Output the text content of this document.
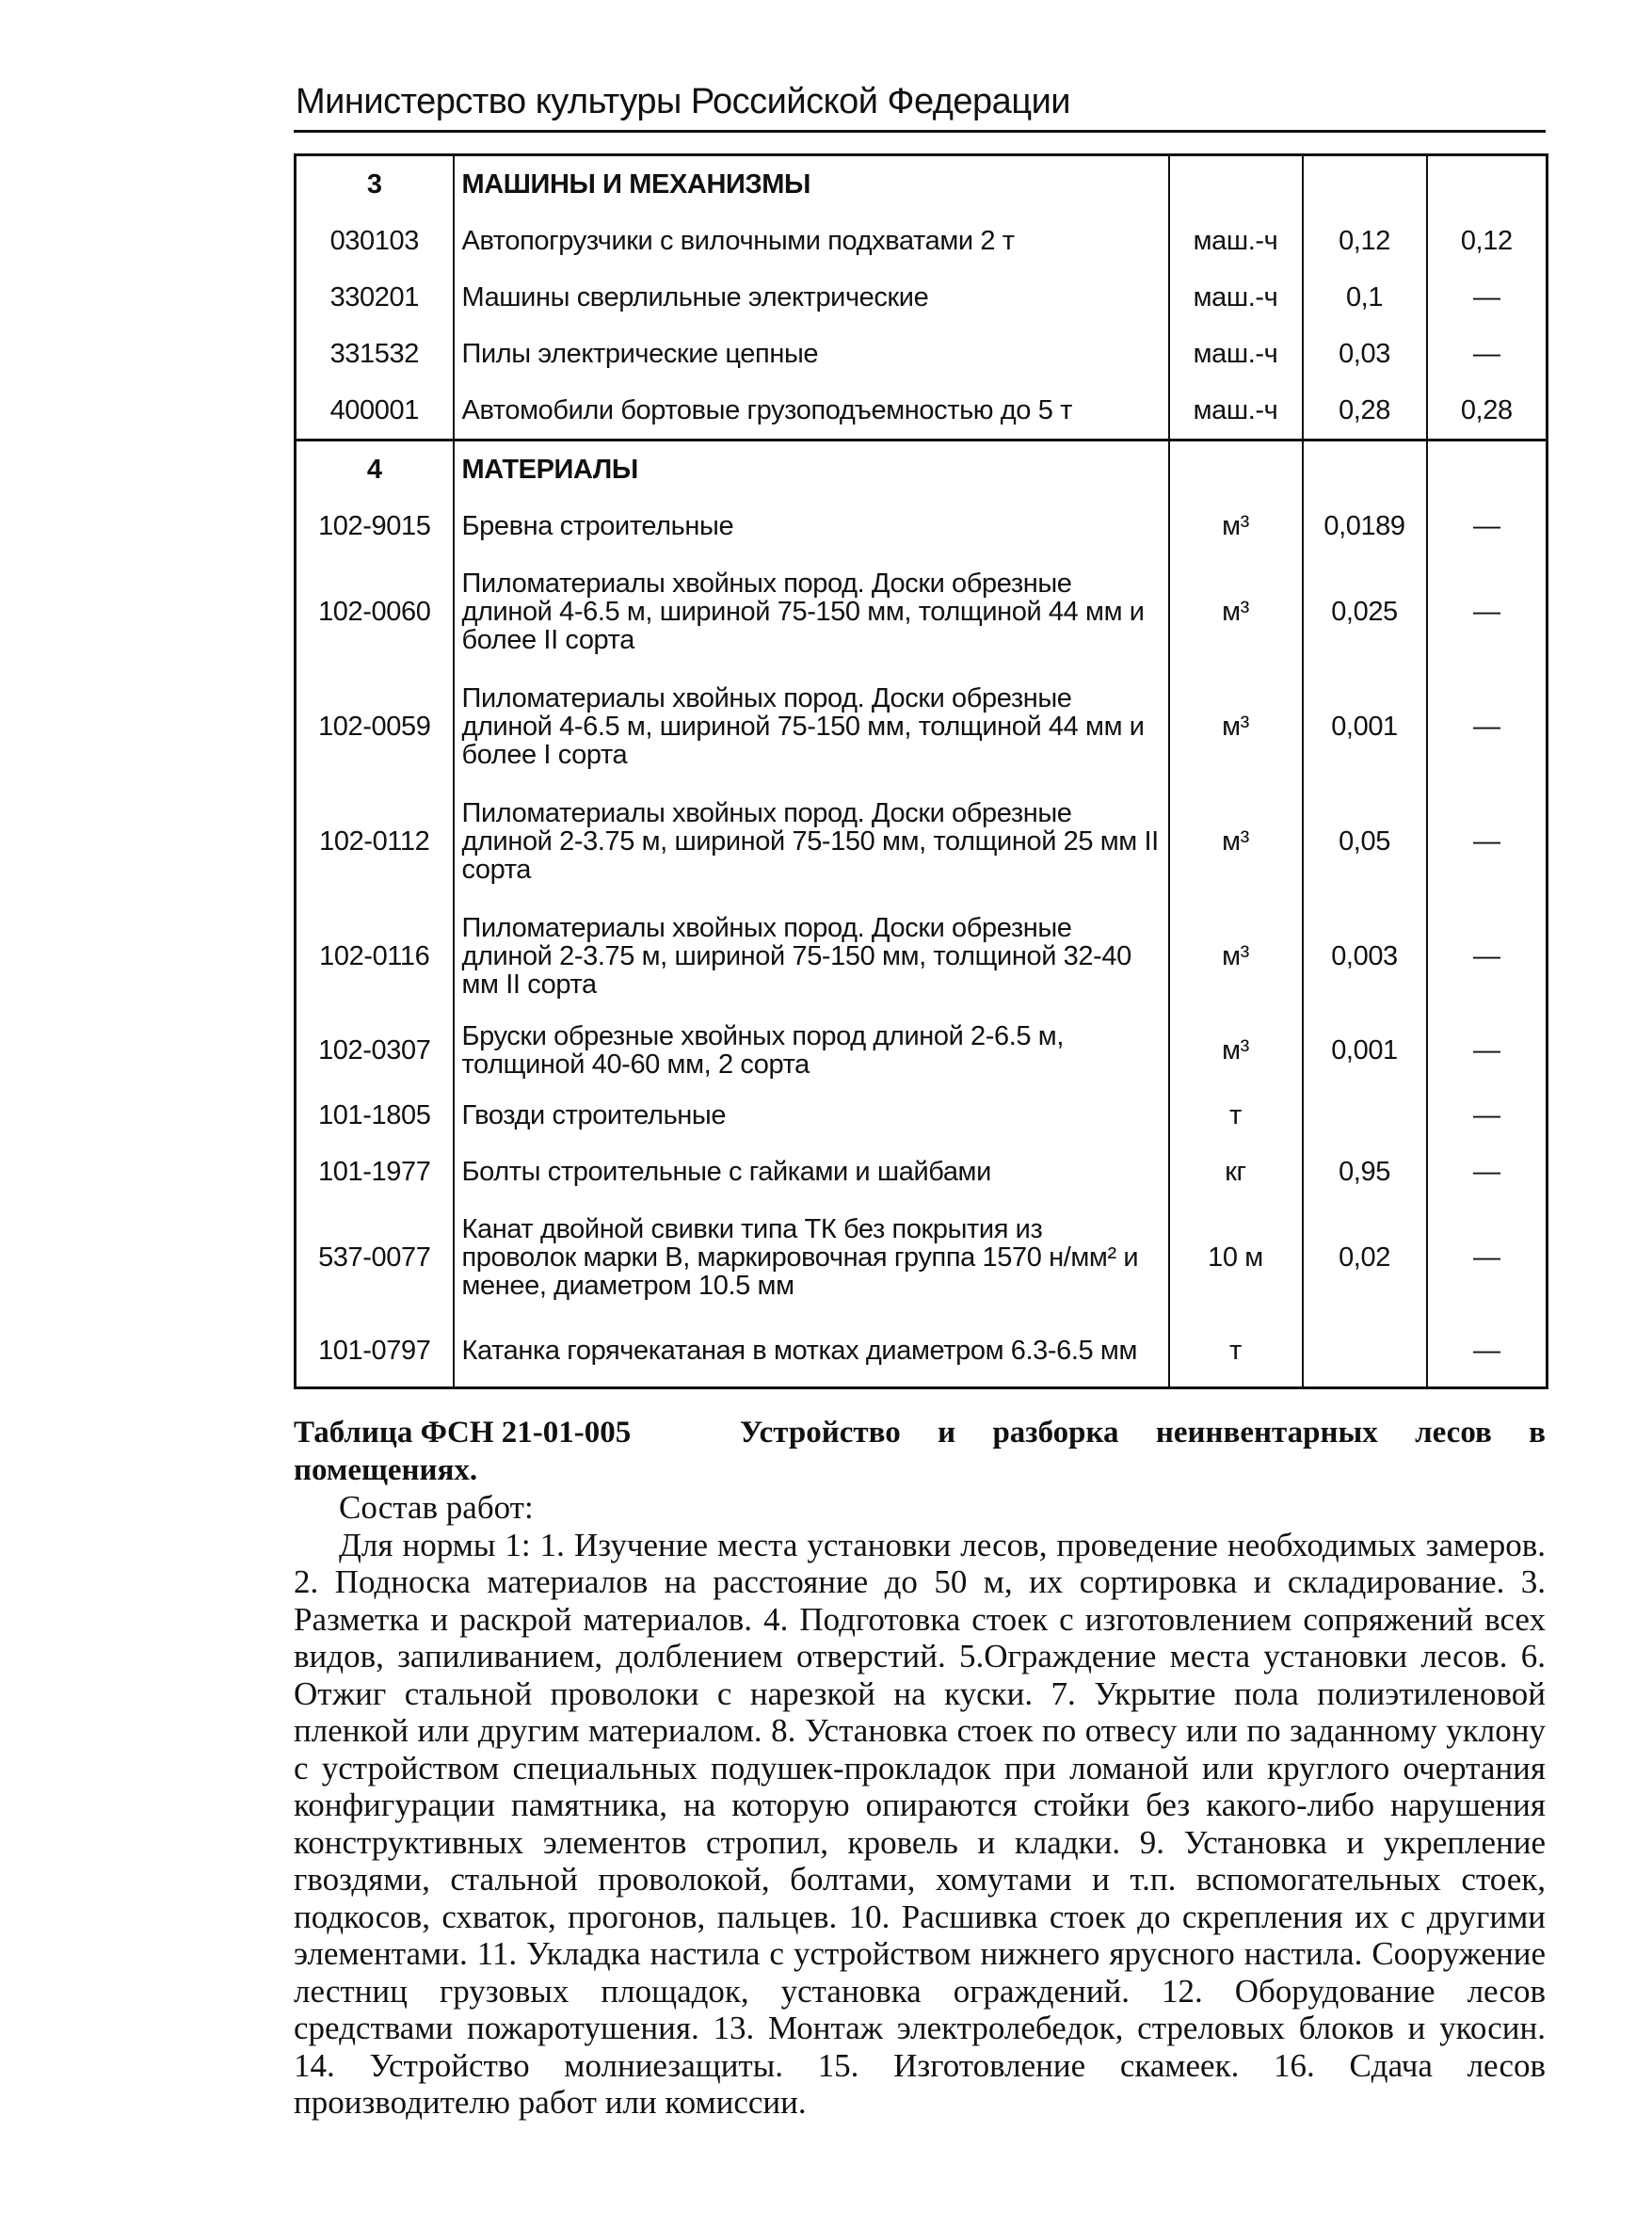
Министерство культуры Российской Федерации
3	МАШИНЫ И МЕХАНИЗМЫ			
030103	Автопогрузчики с вилочными подхватами 2 т	маш.-ч	0,12	0,12
330201	Машины сверлильные электрические	маш.-ч	0,1	—
331532	Пилы электрические цепные	маш.-ч	0,03	—
400001	Автомобили бортовые грузоподъемностью до 5 т	маш.-ч	0,28	0,28
4	МАТЕРИАЛЫ			
102-9015	Бревна строительные	м³	0,0189	—
102-0060	Пиломатериалы хвойных пород. Доски обрезные длиной 4-6.5 м, шириной 75-150 мм, толщиной 44 мм и более II сорта	м³	0,025	—
102-0059	Пиломатериалы хвойных пород. Доски обрезные длиной 4-6.5 м, шириной 75-150 мм, толщиной 44 мм и более I сорта	м³	0,001	—
102-0112	Пиломатериалы хвойных пород. Доски обрезные длиной 2-3.75 м, шириной 75-150 мм, толщиной 25 мм II сорта	м³	0,05	—
102-0116	Пиломатериалы хвойных пород. Доски обрезные длиной 2-3.75 м, шириной 75-150 мм, толщиной 32-40 мм II сорта	м³	0,003	—
102-0307	Бруски обрезные хвойных пород длиной 2-6.5 м, толщиной 40-60 мм, 2 сорта	м³	0,001	—
101-1805	Гвозди строительные	т		—
101-1977	Болты строительные с гайками и шайбами	кг	0,95	—
537-0077	Канат двойной свивки типа ТК без покрытия из проволок марки В, маркировочная группа 1570 н/мм² и менее, диаметром 10.5 мм	10 м	0,02	—
101-0797	Катанка горячекатаная в мотках диаметром 6.3-6.5 мм	т		—
Таблица ФСН 21-01-005	Устройство и разборка неинвентарных лесов в помещениях.

Состав работ:

Для нормы 1: 1. Изучение места установки лесов, проведение необходимых замеров. 2. Подноска материалов на расстояние до 50 м, их сортировка и складирование. 3. Разметка и раскрой материалов. 4. Подготовка стоек с изготовлением сопряжений всех видов, запиливанием, долблением отверстий. 5.Ограждение места установки лесов. 6. Отжиг стальной проволоки с нарезкой на куски. 7. Укрытие пола полиэтиленовой пленкой или другим материалом. 8. Установка стоек по отвесу или по заданному уклону с устройством специальных подушек-прокладок при ломаной или круглого очертания конфигурации памятника, на которую опираются стойки без какого-либо нарушения конструктивных элементов стропил, кровель и кладки. 9. Установка и укрепление гвоздями, стальной проволокой, болтами, хомутами и т.п. вспомогательных стоек, подкосов, схваток, прогонов, пальцев. 10. Расшивка стоек до скрепления их с другими элементами. 11. Укладка настила с устройством нижнего ярусного настила. Сооружение лестниц грузовых площадок, установка ограждений. 12. Оборудование лесов средствами пожаротушения. 13. Монтаж электролебедок, стреловых блоков и укосин. 14. Устройство молниезащиты. 15. Изготовление скамеек. 16. Сдача лесов производителю работ или комиссии.
